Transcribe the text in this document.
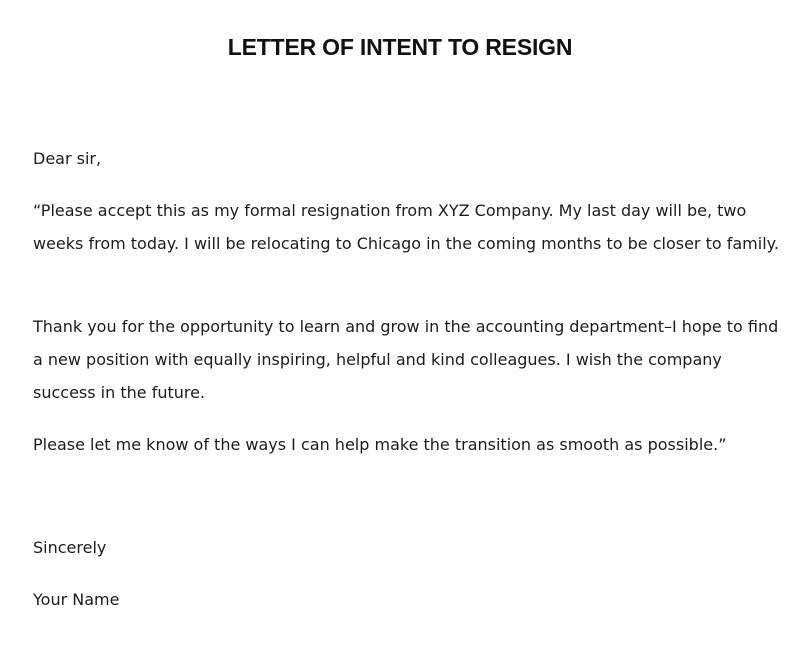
LETTER OF INTENT TO RESIGN

Dear sir,

“Please accept this as my formal resignation from XYZ Company. My last day will be, two weeks from today. I will be relocating to Chicago in the coming months to be closer to family.

Thank you for the opportunity to learn and grow in the accounting department–I hope to find a new position with equally inspiring, helpful and kind colleagues. I wish the company success in the future.

Please let me know of the ways I can help make the transition as smooth as possible.”

Sincerely

Your Name
